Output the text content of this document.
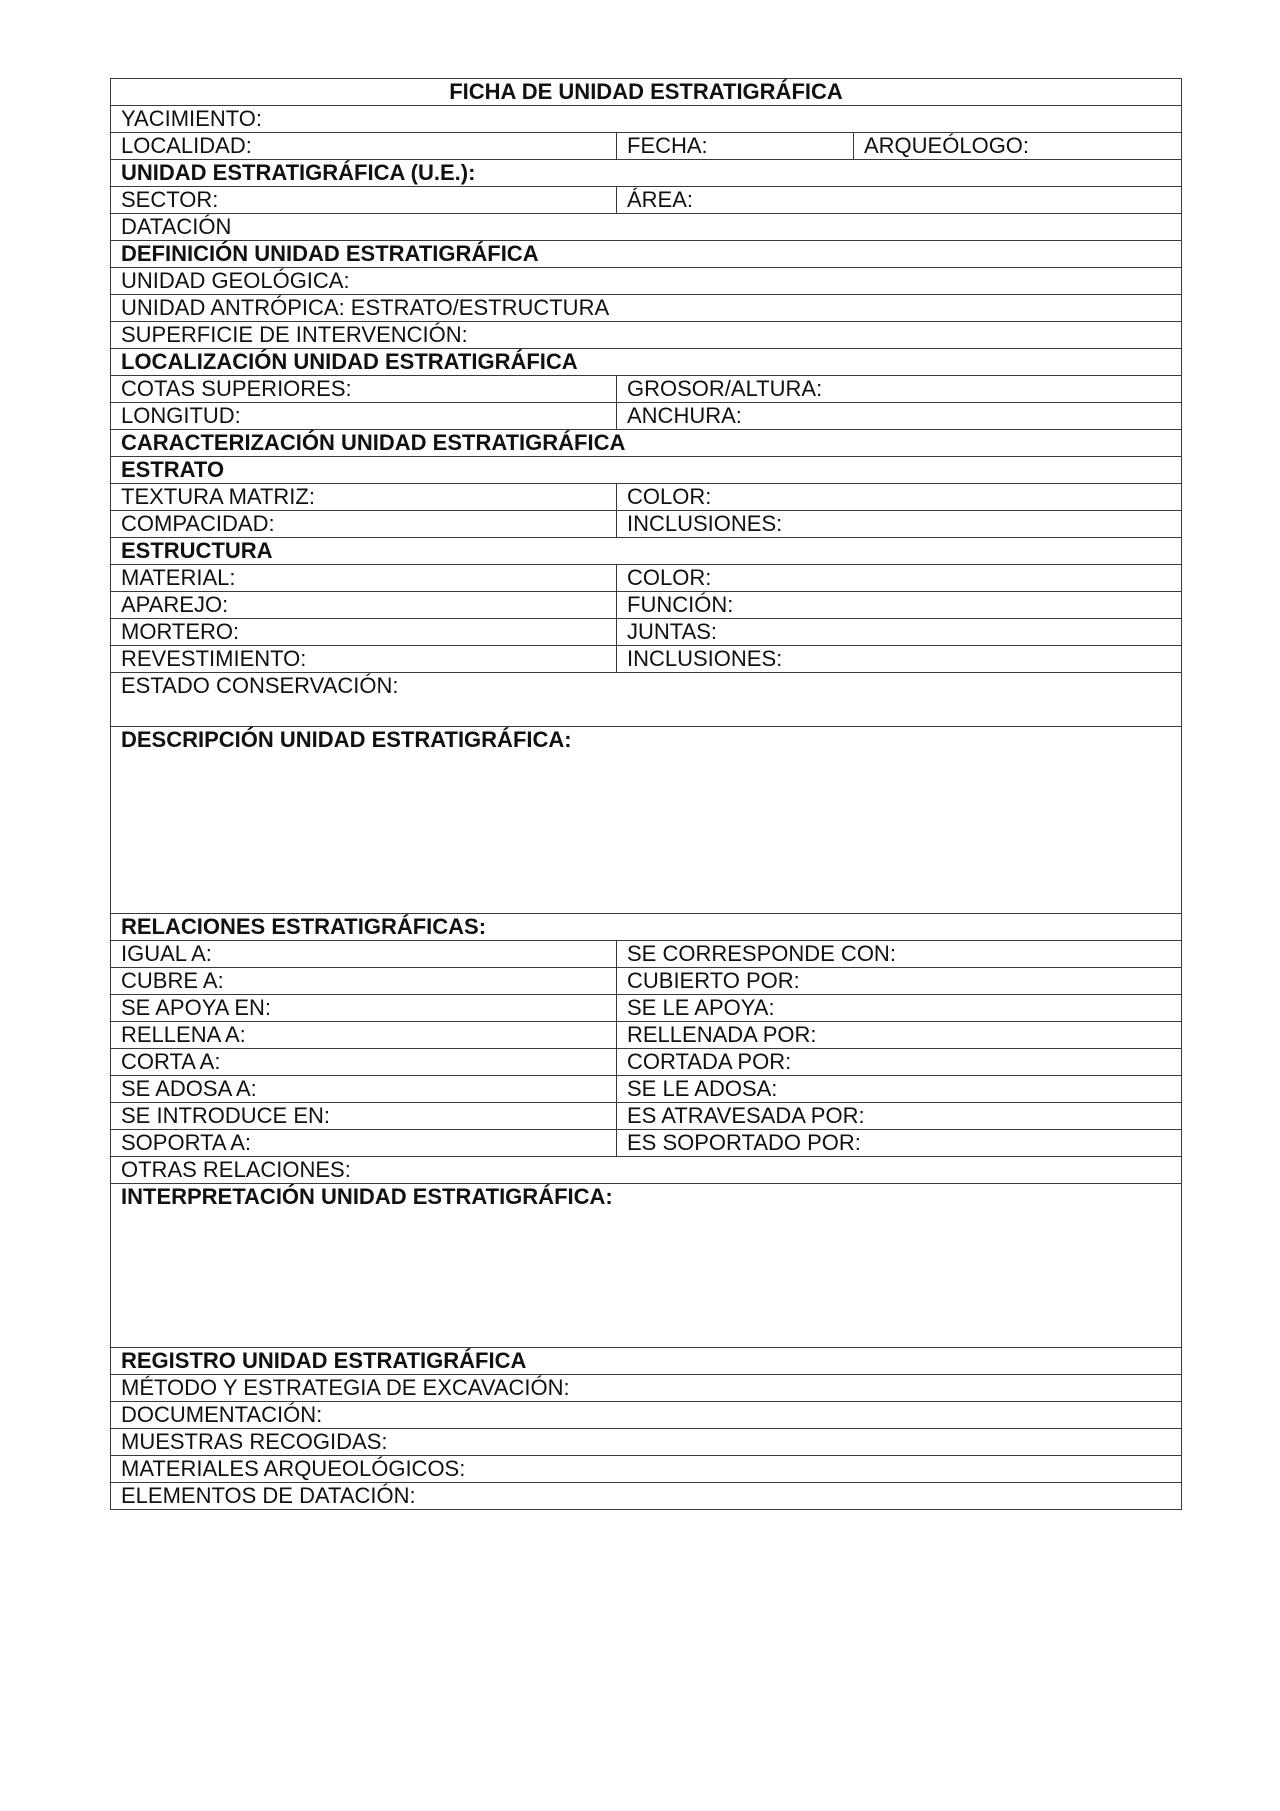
FICHA DE UNIDAD ESTRATIGRÁFICA		
YACIMIENTO:		
LOCALIDAD:	FECHA:	ARQUEÓLOGO:
UNIDAD ESTRATIGRÁFICA (U.E.):		
SECTOR:	ÁREA:	
DATACIÓN		
DEFINICIÓN UNIDAD ESTRATIGRÁFICA		
UNIDAD GEOLÓGICA:		
UNIDAD ANTRÓPICA: ESTRATO/ESTRUCTURA		
SUPERFICIE DE INTERVENCIÓN:		
LOCALIZACIÓN UNIDAD ESTRATIGRÁFICA		
COTAS SUPERIORES:	GROSOR/ALTURA:	
LONGITUD:	ANCHURA:	
CARACTERIZACIÓN UNIDAD ESTRATIGRÁFICA		
ESTRATO		
TEXTURA MATRIZ:	COLOR:	
COMPACIDAD:	INCLUSIONES:	
ESTRUCTURA		
MATERIAL:	COLOR:	
APAREJO:	FUNCIÓN:	
MORTERO:	JUNTAS:	
REVESTIMIENTO:	INCLUSIONES:	
ESTADO CONSERVACIÓN:		
DESCRIPCIÓN UNIDAD ESTRATIGRÁFICA:		
RELACIONES ESTRATIGRÁFICAS:		
IGUAL A:	SE CORRESPONDE CON:	
CUBRE A:	CUBIERTO POR:	
SE APOYA EN:	SE LE APOYA:	
RELLENA A:	RELLENADA POR:	
CORTA A:	CORTADA POR:	
SE ADOSA A:	SE LE ADOSA:	
SE INTRODUCE EN:	ES ATRAVESADA POR:	
SOPORTA A:	ES SOPORTADO POR:	
OTRAS RELACIONES:		
INTERPRETACIÓN UNIDAD ESTRATIGRÁFICA:		
REGISTRO UNIDAD ESTRATIGRÁFICA		
MÉTODO Y ESTRATEGIA DE EXCAVACIÓN:		
DOCUMENTACIÓN:		
MUESTRAS RECOGIDAS:		
MATERIALES ARQUEOLÓGICOS:		
ELEMENTOS DE DATACIÓN:		
